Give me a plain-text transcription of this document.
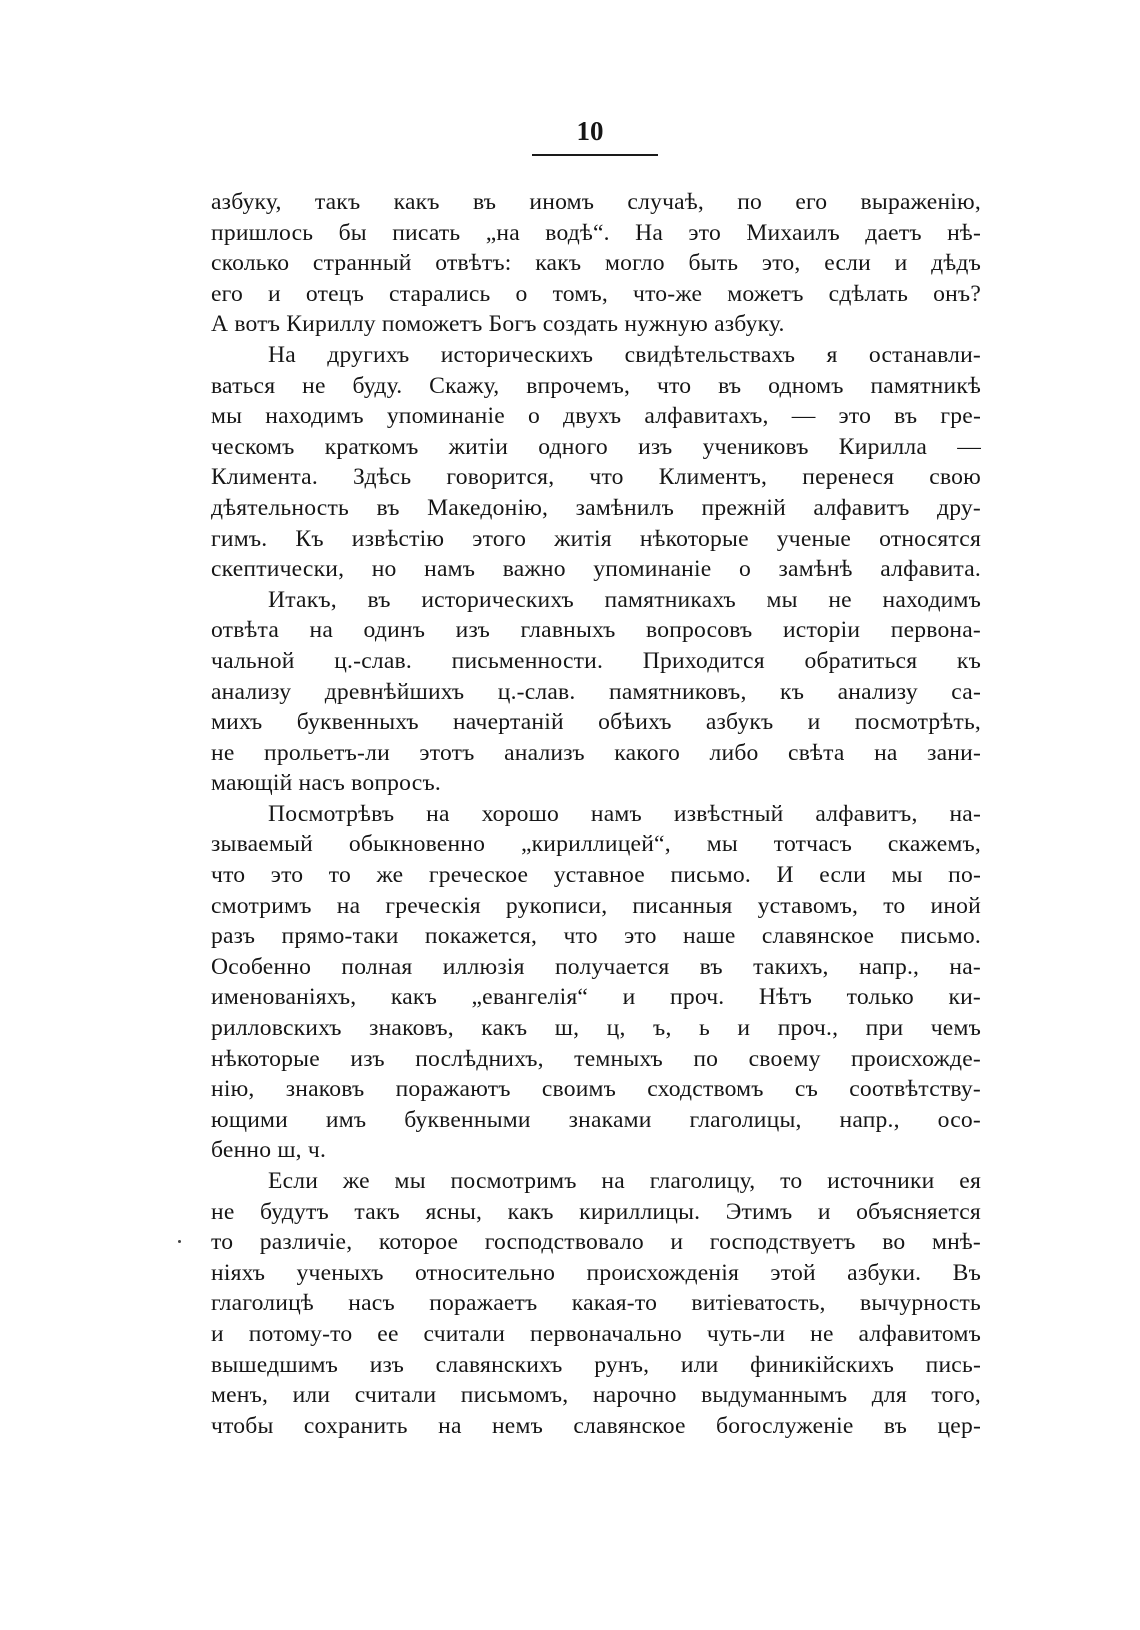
10
азбуку, такъ какъ въ иномъ случаѣ, по его выраженію,
пришлось бы писать „на водѣ“. На это Михаилъ даетъ нѣ-
сколько странный отвѣтъ: какъ могло быть это, если и дѣдъ
его и отецъ старались о томъ, что-же можетъ сдѣлать онъ?
А вотъ Кириллу поможетъ Богъ создать нужную азбуку.
На другихъ историческихъ свидѣтельствахъ я останавли-
ваться не буду. Скажу, впрочемъ, что въ одномъ памятникѣ
мы находимъ упоминаніе о двухъ алфавитахъ, — это въ гре-
ческомъ краткомъ житіи одного изъ учениковъ Кирилла —
Климента. Здѣсь говорится, что Климентъ, перенеся свою
дѣятельность въ Македонію, замѣнилъ прежній алфавитъ дру-
гимъ. Къ извѣстію этого житія нѣкоторые ученые относятся
скептически, но намъ важно упоминаніе о замѣнѣ алфавита.
Итакъ, въ историческихъ памятникахъ мы не находимъ
отвѣта на одинъ изъ главныхъ вопросовъ исторіи первона-
чальной ц.-слав. письменности. Приходится обратиться къ
анализу древнѣйшихъ ц.-слав. памятниковъ, къ анализу са-
михъ буквенныхъ начертаній обѣихъ азбукъ и посмотрѣть,
не прольетъ-ли этотъ анализъ какого либо свѣта на зани-
мающій насъ вопросъ.
Посмотрѣвъ на хорошо намъ извѣстный алфавитъ, на-
зываемый обыкновенно „кириллицей“, мы тотчасъ скажемъ,
что это то же греческое уставное письмо. И если мы по-
смотримъ на греческія рукописи, писанныя уставомъ, то иной
разъ прямо-таки покажется, что это наше славянское письмо.
Особенно полная иллюзія получается въ такихъ, напр., на-
именованіяхъ, какъ „евангелія“ и проч. Нѣтъ только ки-
рилловскихъ знаковъ, какъ ш, ц, ъ, ь и проч., при чемъ
нѣкоторые изъ послѣднихъ, темныхъ по своему происхожде-
нію, знаковъ поражаютъ своимъ сходствомъ съ соотвѣтству-
ющими имъ буквенными знаками глаголицы, напр., осо-
бенно ш, ч.
Если же мы посмотримъ на глаголицу, то источники ея
не будутъ такъ ясны, какъ кириллицы. Этимъ и объясняется
то различіе, которое господствовало и господствуетъ во мнѣ-
ніяхъ ученыхъ относительно происхожденія этой азбуки. Въ
глаголицѣ насъ поражаетъ какая-то витіеватость, вычурность
и потому-то ее считали первоначально чуть-ли не алфавитомъ
вышедшимъ изъ славянскихъ рунъ, или финикійскихъ пись-
менъ, или считали письмомъ, нарочно выдуманнымъ для того,
чтобы сохранить на немъ славянское богослуженіе въ цер-
